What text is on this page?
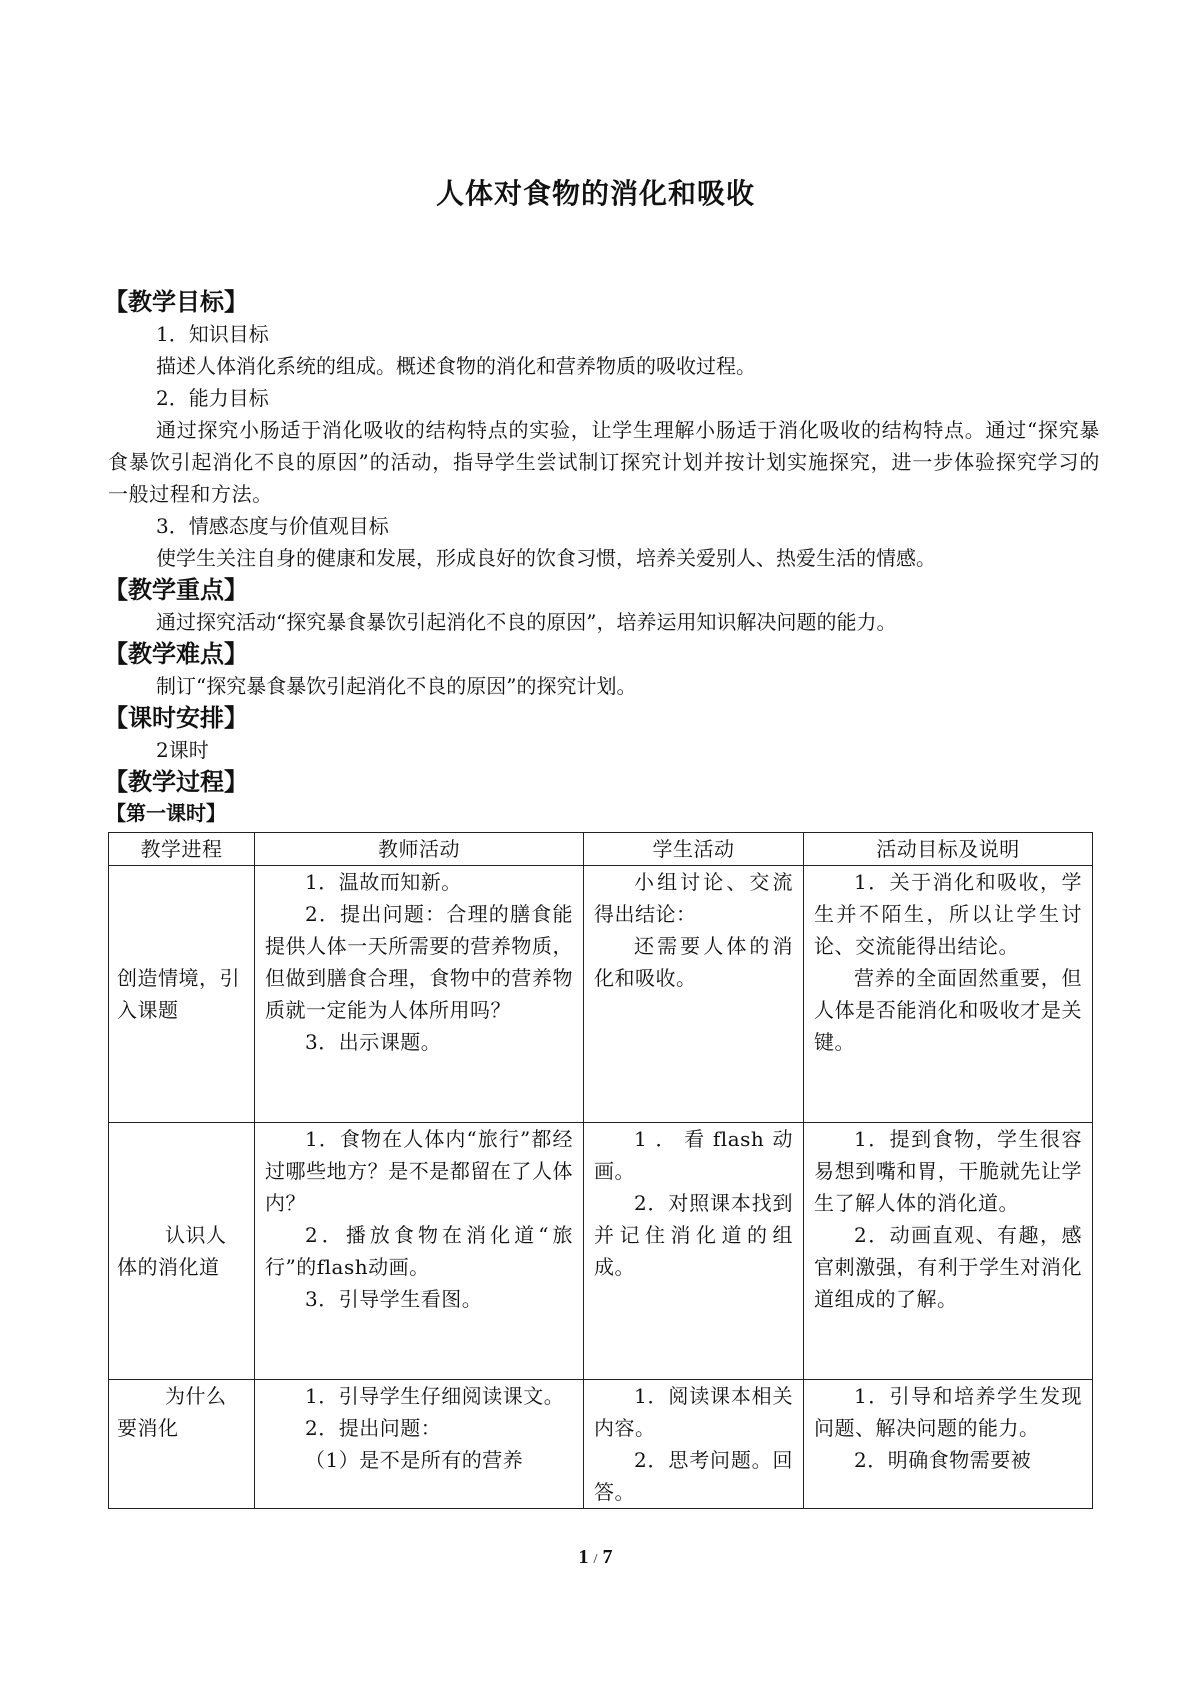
人体对食物的消化和吸收
【教学目标】
1．知识目标
描述人体消化系统的组成。概述食物的消化和营养物质的吸收过程。
2．能力目标
通过探究小肠适于消化吸收的结构特点的实验，让学生理解小肠适于消化吸收的结构特点。通过“探究暴食暴饮引起消化不良的原因”的活动，指导学生尝试制订探究计划并按计划实施探究，进一步体验探究学习的一般过程和方法。
3．情感态度与价值观目标
使学生关注自身的健康和发展，形成良好的饮食习惯，培养关爱别人、热爱生活的情感。
【教学重点】
通过探究活动“探究暴食暴饮引起消化不良的原因”，培养运用知识解决问题的能力。
【教学难点】
制订“探究暴食暴饮引起消化不良的原因”的探究计划。
【课时安排】
2课时
【教学过程】
【第一课时】
教学进程	教师活动	学生活动	活动目标及说明

创造情境，引入课题	1．温故而知新。
2．提出问题：合理的膳食能提供人体一天所需要的营养物质，但做到膳食合理，食物中的营养物质就一定能为人体所用吗？
3．出示课题。	小组讨论、交流得出结论：
还需要人体的消化和吸收。	1．关于消化和吸收，学生并不陌生，所以让学生讨论、交流能得出结论。
营养的全面固然重要，但人体是否能消化和吸收才是关键。

认识人体的消化道	1．食物在人体内“旅行”都经过哪些地方？是不是都留在了人体内？
2．播放食物在消化道“旅行”的flash动画。
3．引导学生看图。	1．看flash动画。
2．对照课本找到并记住消化道的组成。	1．提到食物，学生很容易想到嘴和胃，干脆就先让学生了解人体的消化道。
2．动画直观、有趣，感官刺激强，有利于学生对消化道组成的了解。

为什么要消化	1．引导学生仔细阅读课文。
2．提出问题：
（1）是不是所有的营养	1．阅读课本相关内容。
2．思考问题。回答。	1．引导和培养学生发现问题、解决问题的能力。
2．明确食物需要被
1 / 7
